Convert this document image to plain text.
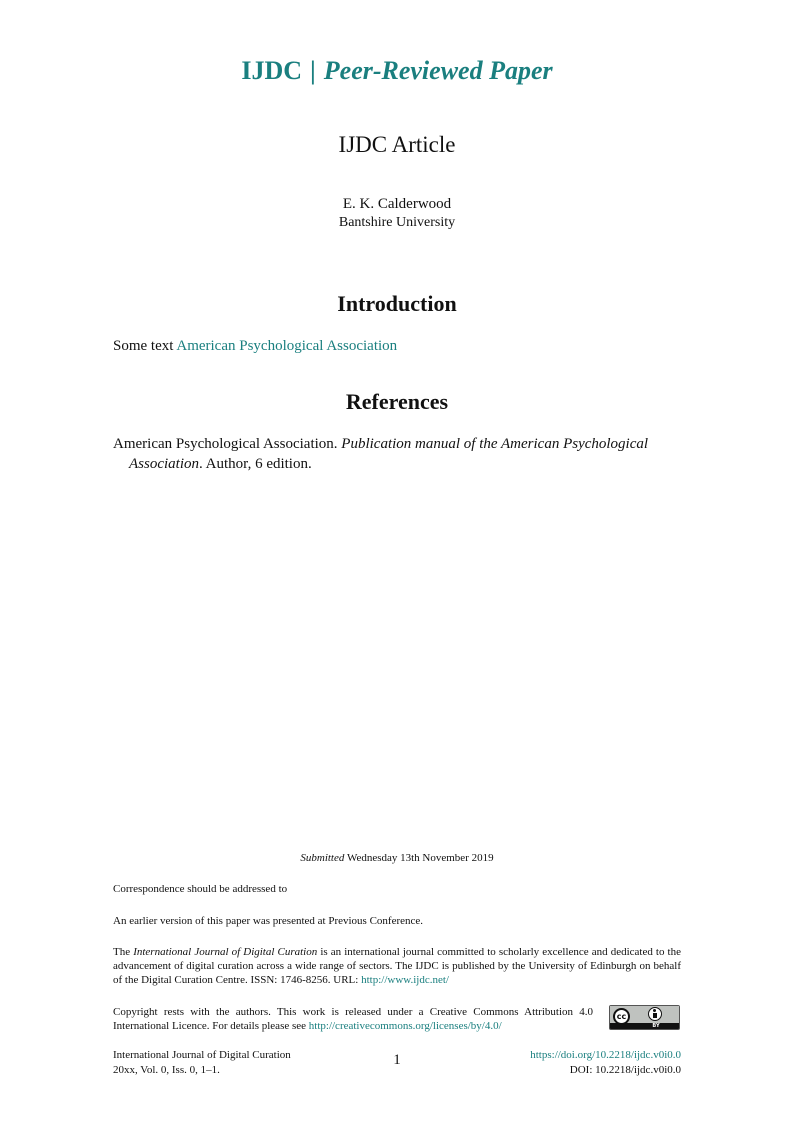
IJDC | Peer-Reviewed Paper
IJDC Article
E. K. Calderwood
Bantshire University
Introduction
Some text American Psychological Association
References
American Psychological Association. Publication manual of the American Psychological Association. Author, 6 edition.
Submitted Wednesday 13th November 2019
Correspondence should be addressed to
An earlier version of this paper was presented at Previous Conference.
The International Journal of Digital Curation is an international journal committed to scholarly excellence and dedicated to the advancement of digital curation across a wide range of sectors. The IJDC is published by the University of Edinburgh on behalf of the Digital Curation Centre. ISSN: 1746-8256. URL: http://www.ijdc.net/
Copyright rests with the authors. This work is released under a Creative Commons Attribution 4.0 International Licence. For details please see http://creativecommons.org/licenses/by/4.0/
cc
BY
International Journal of Digital Curation
20xx, Vol. 0, Iss. 0, 1–1.
1	https://doi.org/10.2218/ijdc.v0i0.0
DOI: 10.2218/ijdc.v0i0.0
